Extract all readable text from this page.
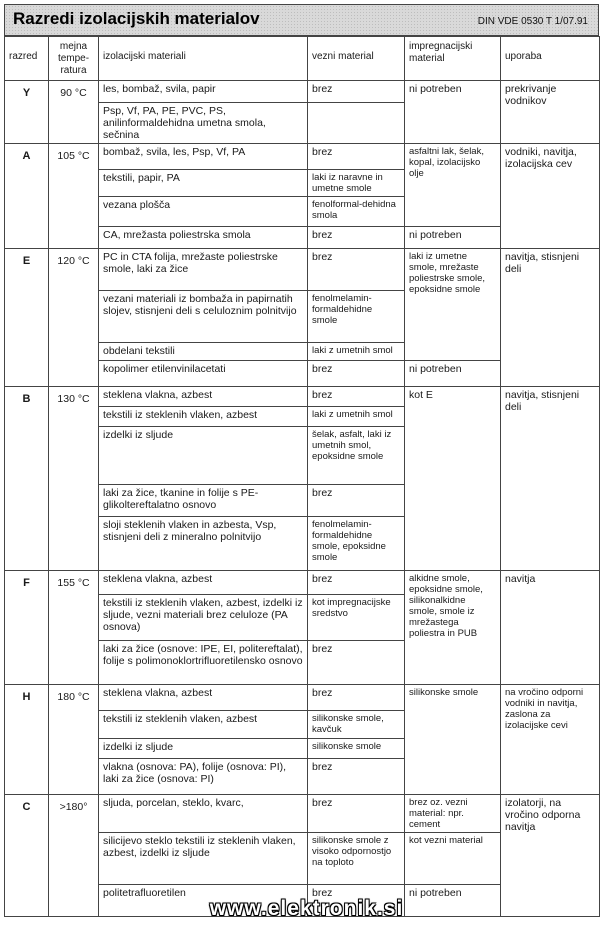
Razredi izolacijskih materialov	DIN VDE 0530 T 1/07.91
razred	mejna tempe-ratura	izolacijski materiali	vezni material	impregnacijski material	uporaba
Y	90 °C	les, bombaž, svila, papir	brez	ni potreben	prekrivanje vodnikov
		Psp, Vf, PA, PE, PVC, PS, anilinformaldehidna umetna smola, sečnina			
A	105 °C	bombaž, svila, les, Psp, Vf, PA	brez	asfaltni lak, šelak, kopal, izolacijsko olje	vodniki, navitja, izolacijska cev
		tekstili, papir, PA	laki iz naravne in umetne smole		
		vezana plošča	fenolformal-dehidna smola		
		CA, mrežasta poliestrska smola	brez	ni potreben	
E	120 °C	PC in CTA folija, mrežaste poliestrske smole, laki za žice	brez	laki iz umetne smole, mrežaste poliestrske smole, epoksidne smole	navitja, stisnjeni deli
		vezani materiali iz bombaža in papirnatih slojev, stisnjeni deli s celuloznim polnitvijo	fenolmelamin-formaldehidne smole		
		obdelani tekstili	laki z umetnih smol		
		kopolimer etilenvinilacetati	brez	ni potreben	
B	130 °C	steklena vlakna, azbest	brez	kot E	navitja, stisnjeni deli
		tekstili iz steklenih vlaken, azbest	laki z umetnih smol		
		izdelki iz sljude	šelak, asfalt, laki iz umetnih smol, epoksidne smole		
		laki za žice, tkanine in folije s PE-glikoltereftalatno osnovo	brez		
		sloji steklenih vlaken in azbesta, Vsp, stisnjeni deli z mineralno polnitvijo	fenolmelamin-formaldehidne smole, epoksidne smole		
F	155 °C	steklena vlakna, azbest	brez	alkidne smole, epoksidne smole, silikonalkidne smole, smole iz mrežastega poliestra in PUB	navitja
		tekstili iz steklenih vlaken, azbest, izdelki iz sljude, vezni materiali brez celuloze (PA osnova)	kot impregnacijske sredstvo		
		laki za žice (osnove: IPE, EI, politereftalat), folije s polimonoklortrifluoretilensko osnovo	brez		
H	180 °C	steklena vlakna, azbest	brez	silikonske smole	na vročino odporni vodniki in navitja, zaslona za izolacijske cevi
		tekstili iz steklenih vlaken, azbest	silikonske smole, kavčuk		
		izdelki iz sljude	silikonske smole		
		vlakna (osnova: PA), folije (osnova: PI), laki za žice (osnova: PI)	brez		
C	>180°	sljuda, porcelan, steklo, kvarc,	brez	brez oz. vezni material: npr. cement	izolatorji, na vročino odporna navitja
		silicijevo steklo tekstili iz steklenih vlaken, azbest, izdelki iz sljude	silikonske smole z visoko odpornostjo na toploto	kot vezni material	
		politetrafluoretilen	brez	ni potreben	
www.elektronik.si
